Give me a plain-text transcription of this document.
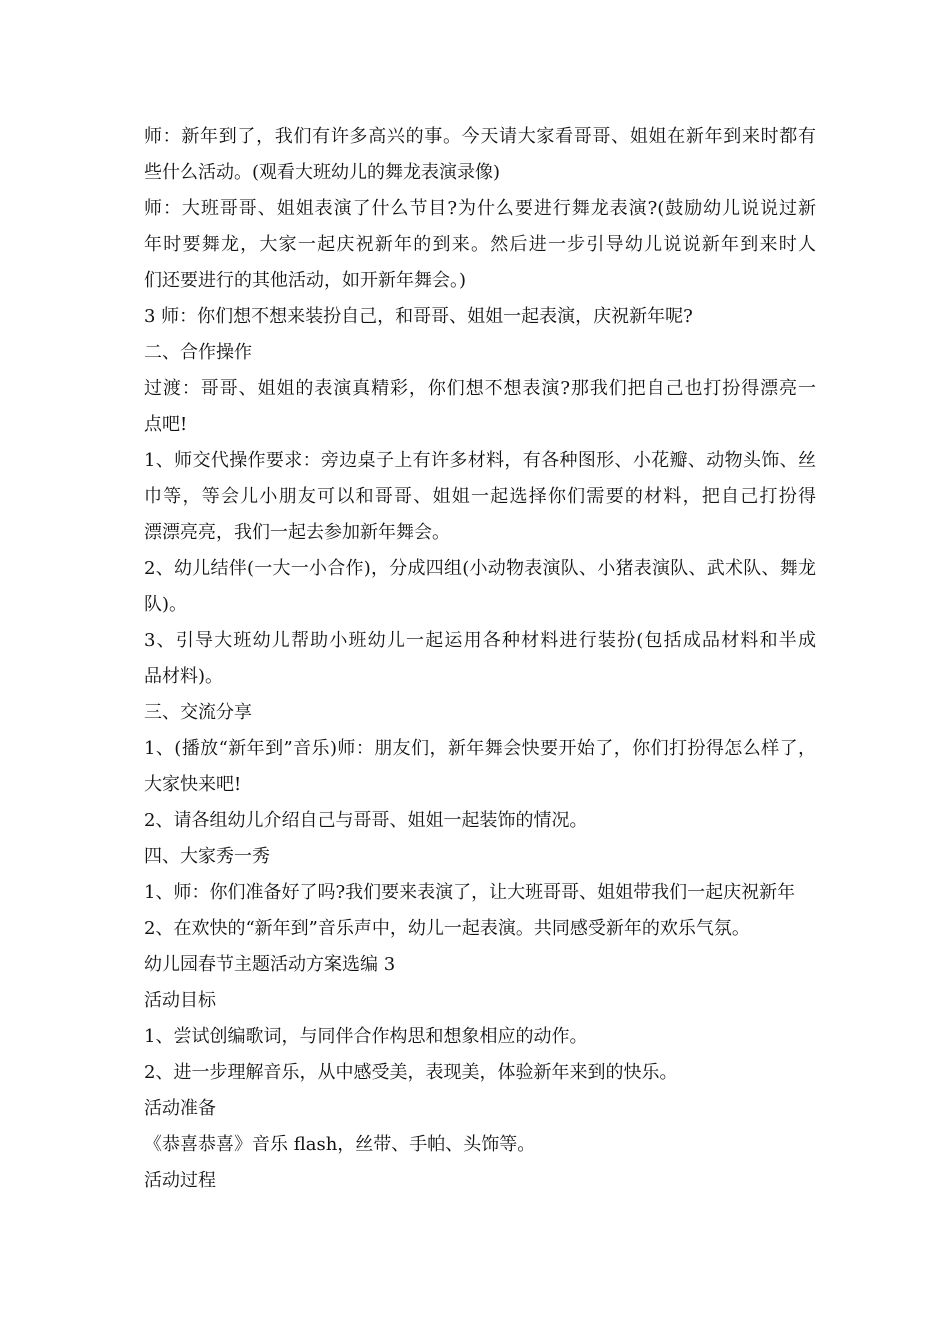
师：新年到了，我们有许多高兴的事。今天请大家看哥哥、姐姐在新年到来时都有
些什么活动。(观看大班幼儿的舞龙表演录像)
师：大班哥哥、姐姐表演了什么节目?为什么要进行舞龙表演?(鼓励幼儿说说过新
年时要舞龙，大家一起庆祝新年的到来。然后进一步引导幼儿说说新年到来时人
们还要进行的其他活动，如开新年舞会。)
3 师：你们想不想来装扮自己，和哥哥、姐姐一起表演，庆祝新年呢?
二、合作操作
过渡：哥哥、姐姐的表演真精彩，你们想不想表演?那我们把自己也打扮得漂亮一
点吧!
1、师交代操作要求：旁边桌子上有许多材料，有各种图形、小花瓣、动物头饰、丝
巾等，等会儿小朋友可以和哥哥、姐姐一起选择你们需要的材料，把自己打扮得
漂漂亮亮，我们一起去参加新年舞会。
2、幼儿结伴(一大一小合作)，分成四组(小动物表演队、小猪表演队、武术队、舞龙
队)。
3、引导大班幼儿帮助小班幼儿一起运用各种材料进行装扮(包括成品材料和半成
品材料)。
三、交流分享
1、(播放“新年到”音乐)师：朋友们，新年舞会快要开始了，你们打扮得怎么样了，
大家快来吧!
2、请各组幼儿介绍自己与哥哥、姐姐一起装饰的情况。
四、大家秀一秀
1、师：你们准备好了吗?我们要来表演了，让大班哥哥、姐姐带我们一起庆祝新年
2、在欢快的“新年到”音乐声中，幼儿一起表演。共同感受新年的欢乐气氛。
幼儿园春节主题活动方案选编 3
活动目标
1、尝试创编歌词，与同伴合作构思和想象相应的动作。
2、进一步理解音乐，从中感受美，表现美，体验新年来到的快乐。
活动准备
《恭喜恭喜》音乐 flash，丝带、手帕、头饰等。
活动过程
